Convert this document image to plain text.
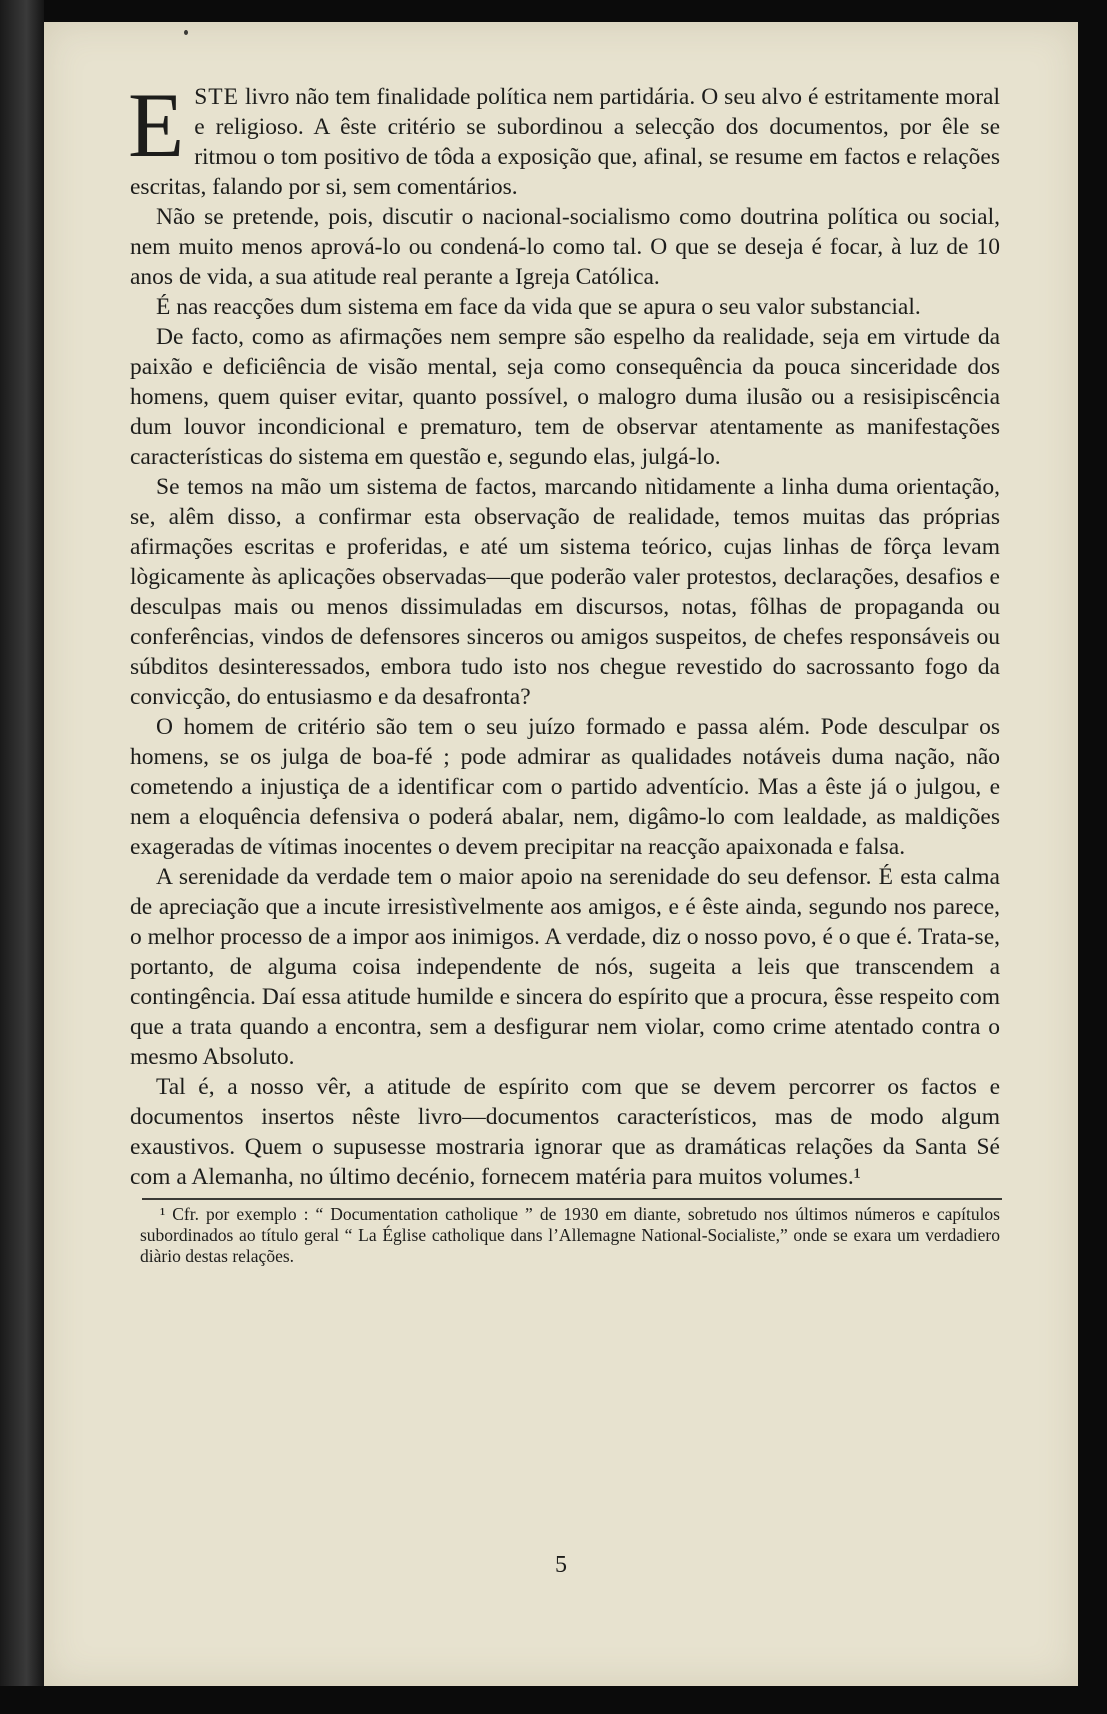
ESTE livro não tem finalidade política nem partidária. O seu alvo é estritamente moral e religioso. A êste critério se subordinou a selecção dos documentos, por êle se ritmou o tom positivo de tôda a exposição que, afinal, se resume em factos e relações escritas, falando por si, sem comentários.

Não se pretende, pois, discutir o nacional-socialismo como doutrina política ou social, nem muito menos aprová-lo ou condená-lo como tal. O que se deseja é focar, à luz de 10 anos de vida, a sua atitude real perante a Igreja Católica.

É nas reacções dum sistema em face da vida que se apura o seu valor substancial.

De facto, como as afirmações nem sempre são espelho da realidade, seja em virtude da paixão e deficiência de visão mental, seja como consequência da pouca sinceridade dos homens, quem quiser evitar, quanto possível, o malogro duma ilusão ou a resisipiscência dum louvor incondicional e prematuro, tem de observar atentamente as manifestações características do sistema em questão e, segundo elas, julgá-lo.

Se temos na mão um sistema de factos, marcando nìtidamente a linha duma orientação, se, alêm disso, a confirmar esta observação de realidade, temos muitas das próprias afirmações escritas e proferidas, e até um sistema teórico, cujas linhas de fôrça levam lògicamente às aplicações observadas—que poderão valer protestos, declarações, desafios e desculpas mais ou menos dissimuladas em discursos, notas, fôlhas de propaganda ou conferências, vindos de defensores sinceros ou amigos suspeitos, de chefes responsáveis ou súbditos desinteressados, embora tudo isto nos chegue revestido do sacrossanto fogo da convicção, do entusiasmo e da desafronta?

O homem de critério são tem o seu juízo formado e passa além. Pode desculpar os homens, se os julga de boa-fé ; pode admirar as qualidades notáveis duma nação, não cometendo a injustiça de a identificar com o partido adventício. Mas a êste já o julgou, e nem a eloquência defensiva o poderá abalar, nem, digâmo-lo com lealdade, as maldições exageradas de vítimas inocentes o devem precipitar na reacção apaixonada e falsa.

A serenidade da verdade tem o maior apoio na serenidade do seu defensor. É esta calma de apreciação que a incute irresistìvelmente aos amigos, e é êste ainda, segundo nos parece, o melhor processo de a impor aos inimigos. A verdade, diz o nosso povo, é o que é. Trata-se, portanto, de alguma coisa independente de nós, sugeita a leis que transcendem a contingência. Daí essa atitude humilde e sincera do espírito que a procura, êsse respeito com que a trata quando a encontra, sem a desfigurar nem violar, como crime atentado contra o mesmo Absoluto.

Tal é, a nosso vêr, a atitude de espírito com que se devem percorrer os factos e documentos insertos nêste livro—documentos característicos, mas de modo algum exaustivos. Quem o supusesse mostraria ignorar que as dramáticas relações da Santa Sé com a Alemanha, no último decénio, fornecem matéria para muitos volumes.¹

¹ Cfr. por exemplo : “ Documentation catholique ” de 1930 em diante, sobretudo nos últimos números e capítulos subordinados ao título geral “ La Église catholique dans l’Allemagne National-Socialiste,” onde se exara um verdadiero diàrio destas relações.

5
